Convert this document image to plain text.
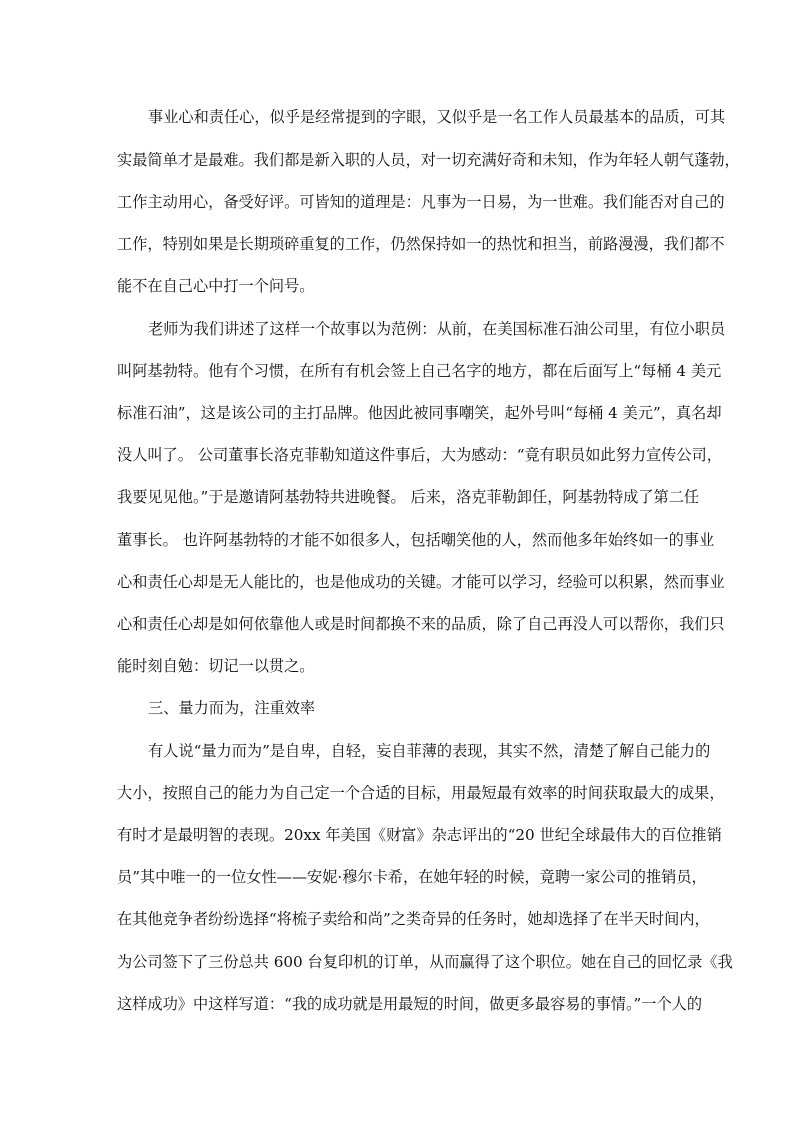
事业心和责任心，似乎是经常提到的字眼，又似乎是一名工作人员最基本的品质，可其
实最简单才是最难。我们都是新入职的人员，对一切充满好奇和未知，作为年轻人朝气蓬勃，
工作主动用心，备受好评。可皆知的道理是：凡事为一日易，为一世难。我们能否对自己的
工作，特别如果是长期琐碎重复的工作，仍然保持如一的热忱和担当，前路漫漫，我们都不
能不在自己心中打一个问号。
老师为我们讲述了这样一个故事以为范例：从前，在美国标准石油公司里，有位小职员
叫阿基勃特。他有个习惯，在所有有机会签上自己名字的地方，都在后面写上“每桶 4 美元
标准石油”，这是该公司的主打品牌。他因此被同事嘲笑，起外号叫“每桶 4 美元”，真名却
没人叫了。 公司董事长洛克菲勒知道这件事后，大为感动：“竟有职员如此努力宣传公司，
我要见见他。”于是邀请阿基勃特共进晚餐。 后来，洛克菲勒卸任，阿基勃特成了第二任
董事长。 也许阿基勃特的才能不如很多人，包括嘲笑他的人，然而他多年始终如一的事业
心和责任心却是无人能比的，也是他成功的关键。才能可以学习，经验可以积累，然而事业
心和责任心却是如何依靠他人或是时间都换不来的品质，除了自己再没人可以帮你，我们只
能时刻自勉：切记一以贯之。
三、量力而为，注重效率
有人说“量力而为”是自卑，自轻，妄自菲薄的表现，其实不然，清楚了解自己能力的
大小，按照自己的能力为自己定一个合适的目标，用最短最有效率的时间获取最大的成果，
有时才是最明智的表现。20xx 年美国《财富》杂志评出的“20 世纪全球最伟大的百位推销
员”其中唯一的一位女性——安妮·穆尔卡希，在她年轻的时候，竟聘一家公司的推销员，
在其他竞争者纷纷选择“将梳子卖给和尚”之类奇异的任务时，她却选择了在半天时间内，
为公司签下了三份总共 600 台复印机的订单，从而赢得了这个职位。她在自己的回忆录《我
这样成功》中这样写道：“我的成功就是用最短的时间，做更多最容易的事情。”一个人的
